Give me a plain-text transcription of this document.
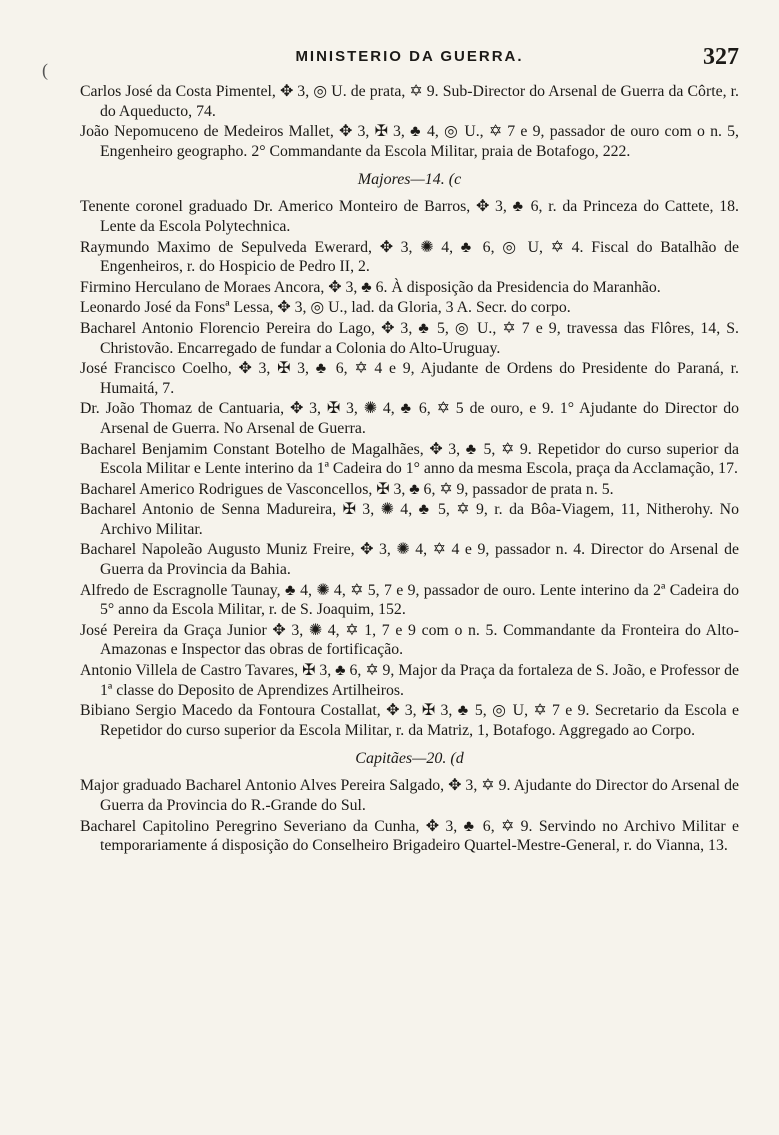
(
MINISTERIO DA GUERRA.	327

Carlos José da Costa Pimentel, ✥ 3, ◎ U. de prata, ✡ 9. Sub-Director do Arsenal de Guerra da Côrte, r. do Aqueducto, 74.

João Nepomuceno de Medeiros Mallet, ✥ 3, ✠ 3, ♣ 4, ◎ U., ✡ 7 e 9, passador de ouro com o n. 5, Engenheiro geographo. 2° Commandante da Escola Militar, praia de Botafogo, 222.

Majores—14. (c

Tenente coronel graduado Dr. Americo Monteiro de Barros, ✥ 3, ♣ 6, r. da Princeza do Cattete, 18. Lente da Escola Polytechnica.

Raymundo Maximo de Sepulveda Ewerard, ✥ 3, ✺ 4, ♣ 6, ◎ U, ✡ 4. Fiscal do Batalhão de Engenheiros, r. do Hospicio de Pedro II, 2.

Firmino Herculano de Moraes Ancora, ✥ 3, ♣ 6. À disposição da Presidencia do Maranhão.

Leonardo José da Fonsª Lessa, ✥ 3, ◎ U., lad. da Gloria, 3 A. Secr. do corpo.

Bacharel Antonio Florencio Pereira do Lago, ✥ 3, ♣ 5, ◎ U., ✡ 7 e 9, travessa das Flôres, 14, S. Christovão. Encarregado de fundar a Colonia do Alto-Uruguay.

José Francisco Coelho, ✥ 3, ✠ 3, ♣ 6, ✡ 4 e 9, Ajudante de Ordens do Presidente do Paraná, r. Humaitá, 7.

Dr. João Thomaz de Cantuaria, ✥ 3, ✠ 3, ✺ 4, ♣ 6, ✡ 5 de ouro, e 9. 1° Ajudante do Director do Arsenal de Guerra. No Arsenal de Guerra.

Bacharel Benjamim Constant Botelho de Magalhães, ✥ 3, ♣ 5, ✡ 9. Repetidor do curso superior da Escola Militar e Lente interino da 1ª Cadeira do 1° anno da mesma Escola, praça da Acclamação, 17.

Bacharel Americo Rodrigues de Vasconcellos, ✠ 3, ♣ 6, ✡ 9, passador de prata n. 5.

Bacharel Antonio de Senna Madureira, ✠ 3, ✺ 4, ♣ 5, ✡ 9, r. da Bôa-Viagem, 11, Nitherohy. No Archivo Militar.

Bacharel Napoleão Augusto Muniz Freire, ✥ 3, ✺ 4, ✡ 4 e 9, passador n. 4. Director do Arsenal de Guerra da Provincia da Bahia.

Alfredo de Escragnolle Taunay, ♣ 4, ✺ 4, ✡ 5, 7 e 9, passador de ouro. Lente interino da 2ª Cadeira do 5° anno da Escola Militar, r. de S. Joaquim, 152.

José Pereira da Graça Junior ✥ 3, ✺ 4, ✡ 1, 7 e 9 com o n. 5. Commandante da Fronteira do Alto-Amazonas e Inspector das obras de fortificação.

Antonio Villela de Castro Tavares, ✠ 3, ♣ 6, ✡ 9, Major da Praça da fortaleza de S. João, e Professor de 1ª classe do Deposito de Aprendizes Artilheiros.

Bibiano Sergio Macedo da Fontoura Costallat, ✥ 3, ✠ 3, ♣ 5, ◎ U, ✡ 7 e 9. Secretario da Escola e Repetidor do curso superior da Escola Militar, r. da Matriz, 1, Botafogo. Aggregado ao Corpo.

Capitães—20. (d

Major graduado Bacharel Antonio Alves Pereira Salgado, ✥ 3, ✡ 9. Ajudante do Director do Arsenal de Guerra da Provincia do R.-Grande do Sul.

Bacharel Capitolino Peregrino Severiano da Cunha, ✥ 3, ♣ 6, ✡ 9. Servindo no Archivo Militar e temporariamente á disposição do Conselheiro Brigadeiro Quartel-Mestre-General, r. do Vianna, 13.
